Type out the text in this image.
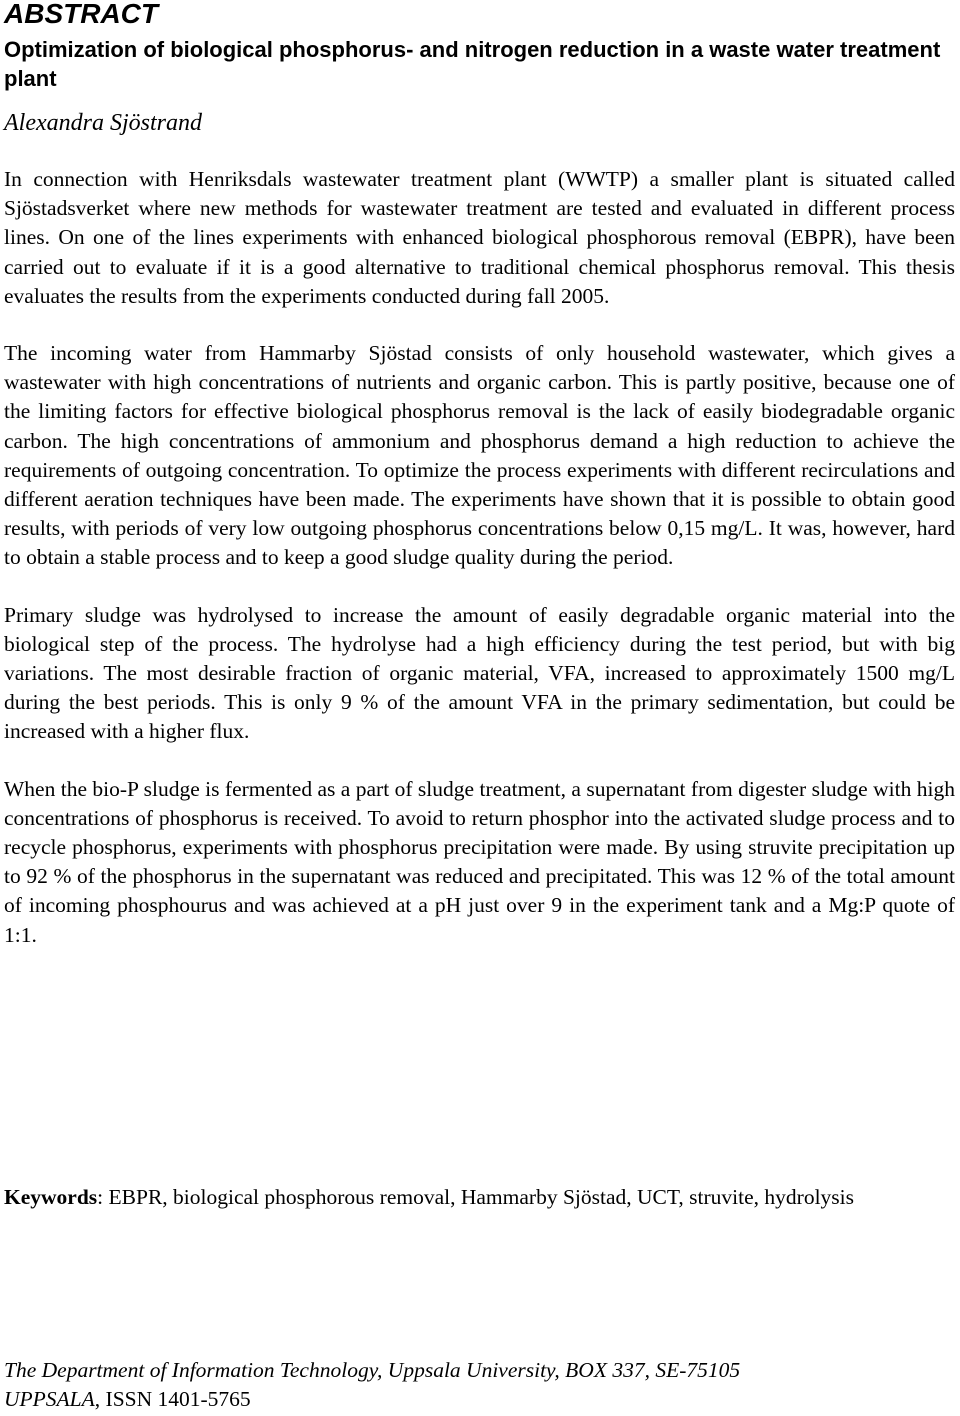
ABSTRACT
Optimization of biological phosphorus- and nitrogen reduction in a waste water treatment plant

Alexandra Sjöstrand

In connection with Henriksdals wastewater treatment plant (WWTP) a smaller plant is situated called Sjöstadsverket where new methods for wastewater treatment are tested and evaluated in different process lines. On one of the lines experiments with enhanced biological phosphorous removal (EBPR), have been carried out to evaluate if it is a good alternative to traditional chemical phosphorus removal. This thesis evaluates the results from the experiments conducted during fall 2005.

The incoming water from Hammarby Sjöstad consists of only household wastewater, which gives a wastewater with high concentrations of nutrients and organic carbon. This is partly positive, because one of the limiting factors for effective biological phosphorus removal is the lack of easily biodegradable organic carbon. The high concentrations of ammonium and phosphorus demand a high reduction to achieve the requirements of outgoing concentration. To optimize the process experiments with different recirculations and different aeration techniques have been made. The experiments have shown that it is possible to obtain good results, with periods of very low outgoing phosphorus concentrations below 0,15 mg/L. It was, however, hard to obtain a stable process and to keep a good sludge quality during the period.

Primary sludge was hydrolysed to increase the amount of easily degradable organic material into the biological step of the process. The hydrolyse had a high efficiency during the test period, but with big variations. The most desirable fraction of organic material, VFA, increased to approximately 1500 mg/L during the best periods. This is only 9 % of the amount VFA in the primary sedimentation, but could be increased with a higher flux.

When the bio-P sludge is fermented as a part of sludge treatment, a supernatant from digester sludge with high concentrations of phosphorus is received. To avoid to return phosphor into the activated sludge process and to recycle phosphorus, experiments with phosphorus precipitation were made. By using struvite precipitation up to 92 % of the phosphorus in the supernatant was reduced and precipitated. This was 12 % of the total amount of incoming phosphourus and was achieved at a pH just over 9 in the experiment tank and a Mg:P quote of 1:1.

Keywords: EBPR, biological phosphorous removal, Hammarby Sjöstad, UCT, struvite, hydrolysis

The Department of Information Technology, Uppsala University, BOX 337, SE-75105
UPPSALA, ISSN 1401-5765
